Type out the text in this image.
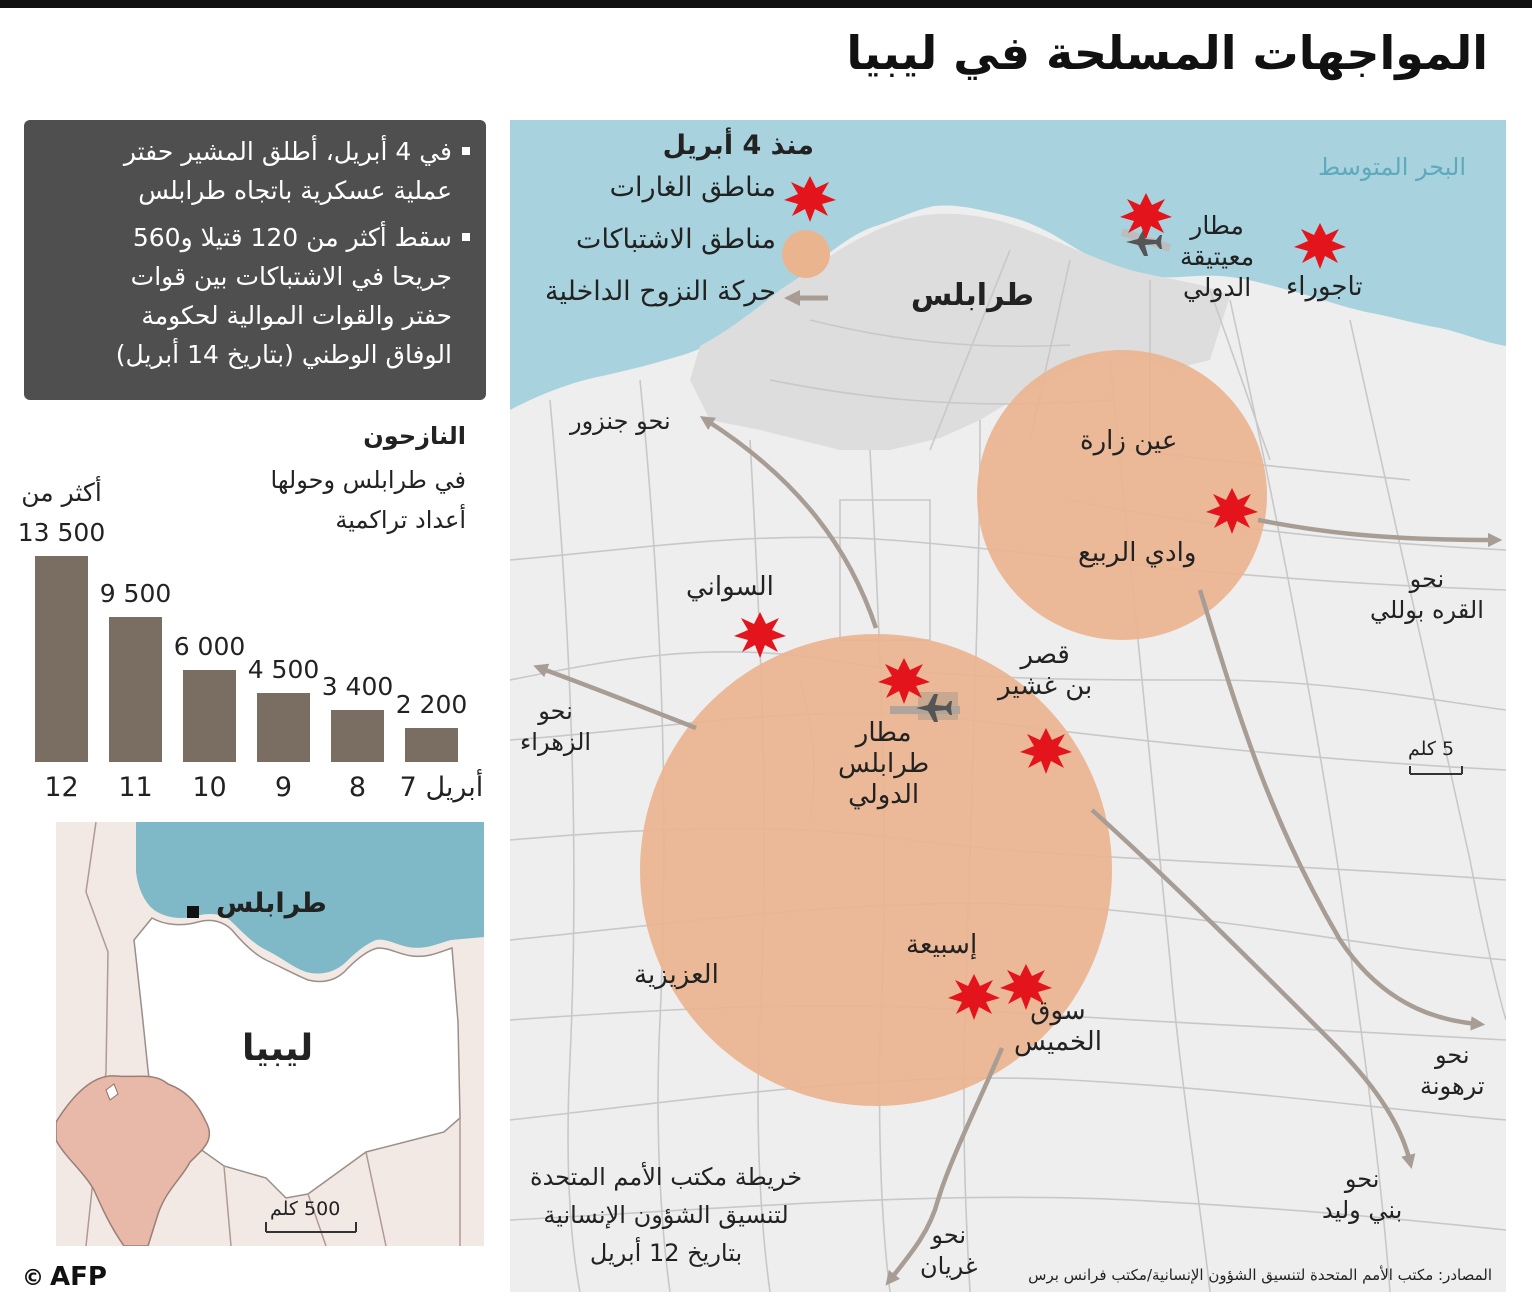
المواجهات المسلحة في ليبيا
في 4 أبريل، أطلق المشير حفتر
عملية عسكرية باتجاه طرابلس
سقط أكثر من 120 قتيلا و560
جريحا في الاشتباكات بين قوات
حفتر والقوات الموالية لحكومة
الوفاق الوطني (بتاريخ 14 أبريل)
النازحون
في طرابلس وحولها
أعداد تراكمية
أكثر من
13 500
12
9 500
11
6 000
10
4 500
9
3 400
8
2 200
7 أبريل
طرابلس
ليبيا
500 كلم
© AFP
منذ 4 أبريل
مناطق الغارات
مناطق الاشتباكات
حركة النزوح الداخلية
البحر المتوسط
طرابلس
مطار
معيتيقة
الدولي تاجوراء
عين زارة
وادي الربيع
السواني
قصر
بن غشير
مطار
طرابلس
الدولي
العزيزية
إسبيعة
سوق
الخميس
نحو جنزور
نحو
الزهراء
نحو
القره بوللي
نحو
ترهونة
نحو
بني وليد
نحو
غريان
5 كلم
خريطة مكتب الأمم المتحدة
لتنسيق الشؤون الإنسانية
بتاريخ 12 أبريل
المصادر: مكتب الأمم المتحدة لتنسيق الشؤون الإنسانية/مكتب فرانس برس
